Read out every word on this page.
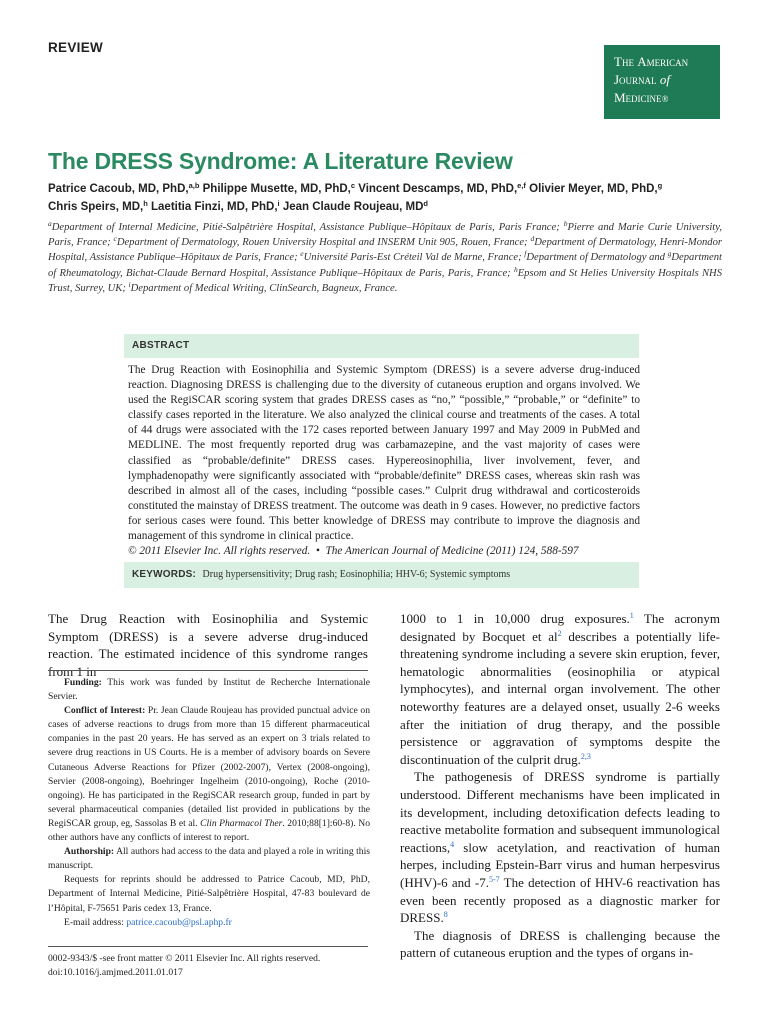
REVIEW
The American
Journal of
Medicine®
The DRESS Syndrome: A Literature Review
Patrice Cacoub, MD, PhD,$^{a,b}$ Philippe Musette, MD, PhD,$^c$ Vincent Descamps, MD, PhD,$^{e,f}$ Olivier Meyer, MD, PhD,$^g$
Chris Speirs, MD,$^h$ Laetitia Finzi, MD, PhD,$^i$ Jean Claude Roujeau, $MD^d$
$^a$Department of Internal Medicine, Pitié-Salpêtrière Hospital, Assistance Publique–Hôpitaux de Paris, Paris France; $^b$Pierre and Marie Curie University, Paris, France; $^c$Department of Dermatology, Rouen University Hospital and INSERM Unit 905, Rouen, France; $^d$Department of Dermatology, Henri-Mondor Hospital, Assistance Publique–Hôpitaux de Paris, France; $^e$Université Paris-Est Créteil Val de Marne, France; $^f$Department of Dermatology and $^g$Department of Rheumatology, Bichat-Claude Bernard Hospital, Assistance Publique–Hôpitaux de Paris, Paris, France; $^h$Epsom and St Helies University Hospitals NHS Trust, Surrey, UK; $^i$Department of Medical Writing, ClinSearch, Bagneux, France.
ABSTRACT
The Drug Reaction with Eosinophilia and Systemic Symptom (DRESS) is a severe adverse drug-induced reaction. Diagnosing DRESS is challenging due to the diversity of cutaneous eruption and organs involved. We used the RegiSCAR scoring system that grades DRESS cases as “no,” “possible,” “probable,” or “definite” to classify cases reported in the literature. We also analyzed the clinical course and treatments of the cases. A total of 44 drugs were associated with the 172 cases reported between January 1997 and May 2009 in PubMed and MEDLINE. The most frequently reported drug was carbamazepine, and the vast majority of cases were classified as “probable/definite” DRESS cases. Hypereosinophilia, liver involvement, fever, and lymphadenopathy were significantly associated with “probable/definite” DRESS cases, whereas skin rash was described in almost all of the cases, including “possible cases.” Culprit drug withdrawal and corticosteroids constituted the mainstay of DRESS treatment. The outcome was death in 9 cases. However, no predictive factors for serious cases were found. This better knowledge of DRESS may contribute to improve the diagnosis and management of this syndrome in clinical practice.
© 2011 Elsevier Inc. All rights reserved. • The American Journal of Medicine (2011) 124, 588-597
KEYWORDS: Drug hypersensitivity; Drug rash; Eosinophilia; HHV-6; Systemic symptoms
The Drug Reaction with Eosinophilia and Systemic Symptom (DRESS) is a severe adverse drug-induced reaction. The estimated incidence of this syndrome ranges from 1 in

Funding: This work was funded by Institut de Recherche Internationale Servier.

Conflict of Interest: Pr. Jean Claude Roujeau has provided punctual advice on cases of adverse reactions to drugs from more than 15 different pharmaceutical companies in the past 20 years. He has served as an expert on 3 trials related to severe drug reactions in US Courts. He is a member of advisory boards on Severe Cutaneous Adverse Reactions for Pfizer (2002-2007), Vertex (2008-ongoing), Servier (2008-ongoing), Boehringer Ingelheim (2010-ongoing), Roche (2010-ongoing). He has participated in the RegiSCAR research group, funded in part by several pharmaceutical companies (detailed list provided in publications by the RegiSCAR group, eg, Sassolas B et al. Clin Pharmacol Ther. 2010;88[1]:60-8). No other authors have any conflicts of interest to report.

Authorship: All authors had access to the data and played a role in writing this manuscript.

Requests for reprints should be addressed to Patrice Cacoub, MD, PhD, Department of Internal Medicine, Pitié-Salpêtrière Hospital, 47-83 boulevard de l’Hôpital, F-75651 Paris cedex 13, France.

E-mail address: patrice.cacoub@psl.aphp.fr

1000 to 1 in 10,000 drug exposures.$^1$ The acronym designated by Bocquet et $al^2$ describes a potentially life-threatening syndrome including a severe skin eruption, fever, hematologic abnormalities (eosinophilia or atypical lymphocytes), and internal organ involvement. The other noteworthy features are a delayed onset, usually 2-6 weeks after the initiation of drug therapy, and the possible persistence or aggravation of symptoms despite the discontinuation of the culprit drug.$^{2,3}$

The pathogenesis of DRESS syndrome is partially understood. Different mechanisms have been implicated in its development, including detoxification defects leading to reactive metabolite formation and subsequent immunological reactions,$^4$ slow acetylation, and reactivation of human herpes, including Epstein-Barr virus and human herpesvirus (HHV)-6 and -7.$^{5-7}$ The detection of HHV-6 reactivation has even been recently proposed as a diagnostic marker for DRESS.$^8$

The diagnosis of DRESS is challenging because the pattern of cutaneous eruption and the types of organs in-

0002-9343/$ -see front matter © 2011 Elsevier Inc. All rights reserved.
doi:10.1016/j.amjmed.2011.01.017
